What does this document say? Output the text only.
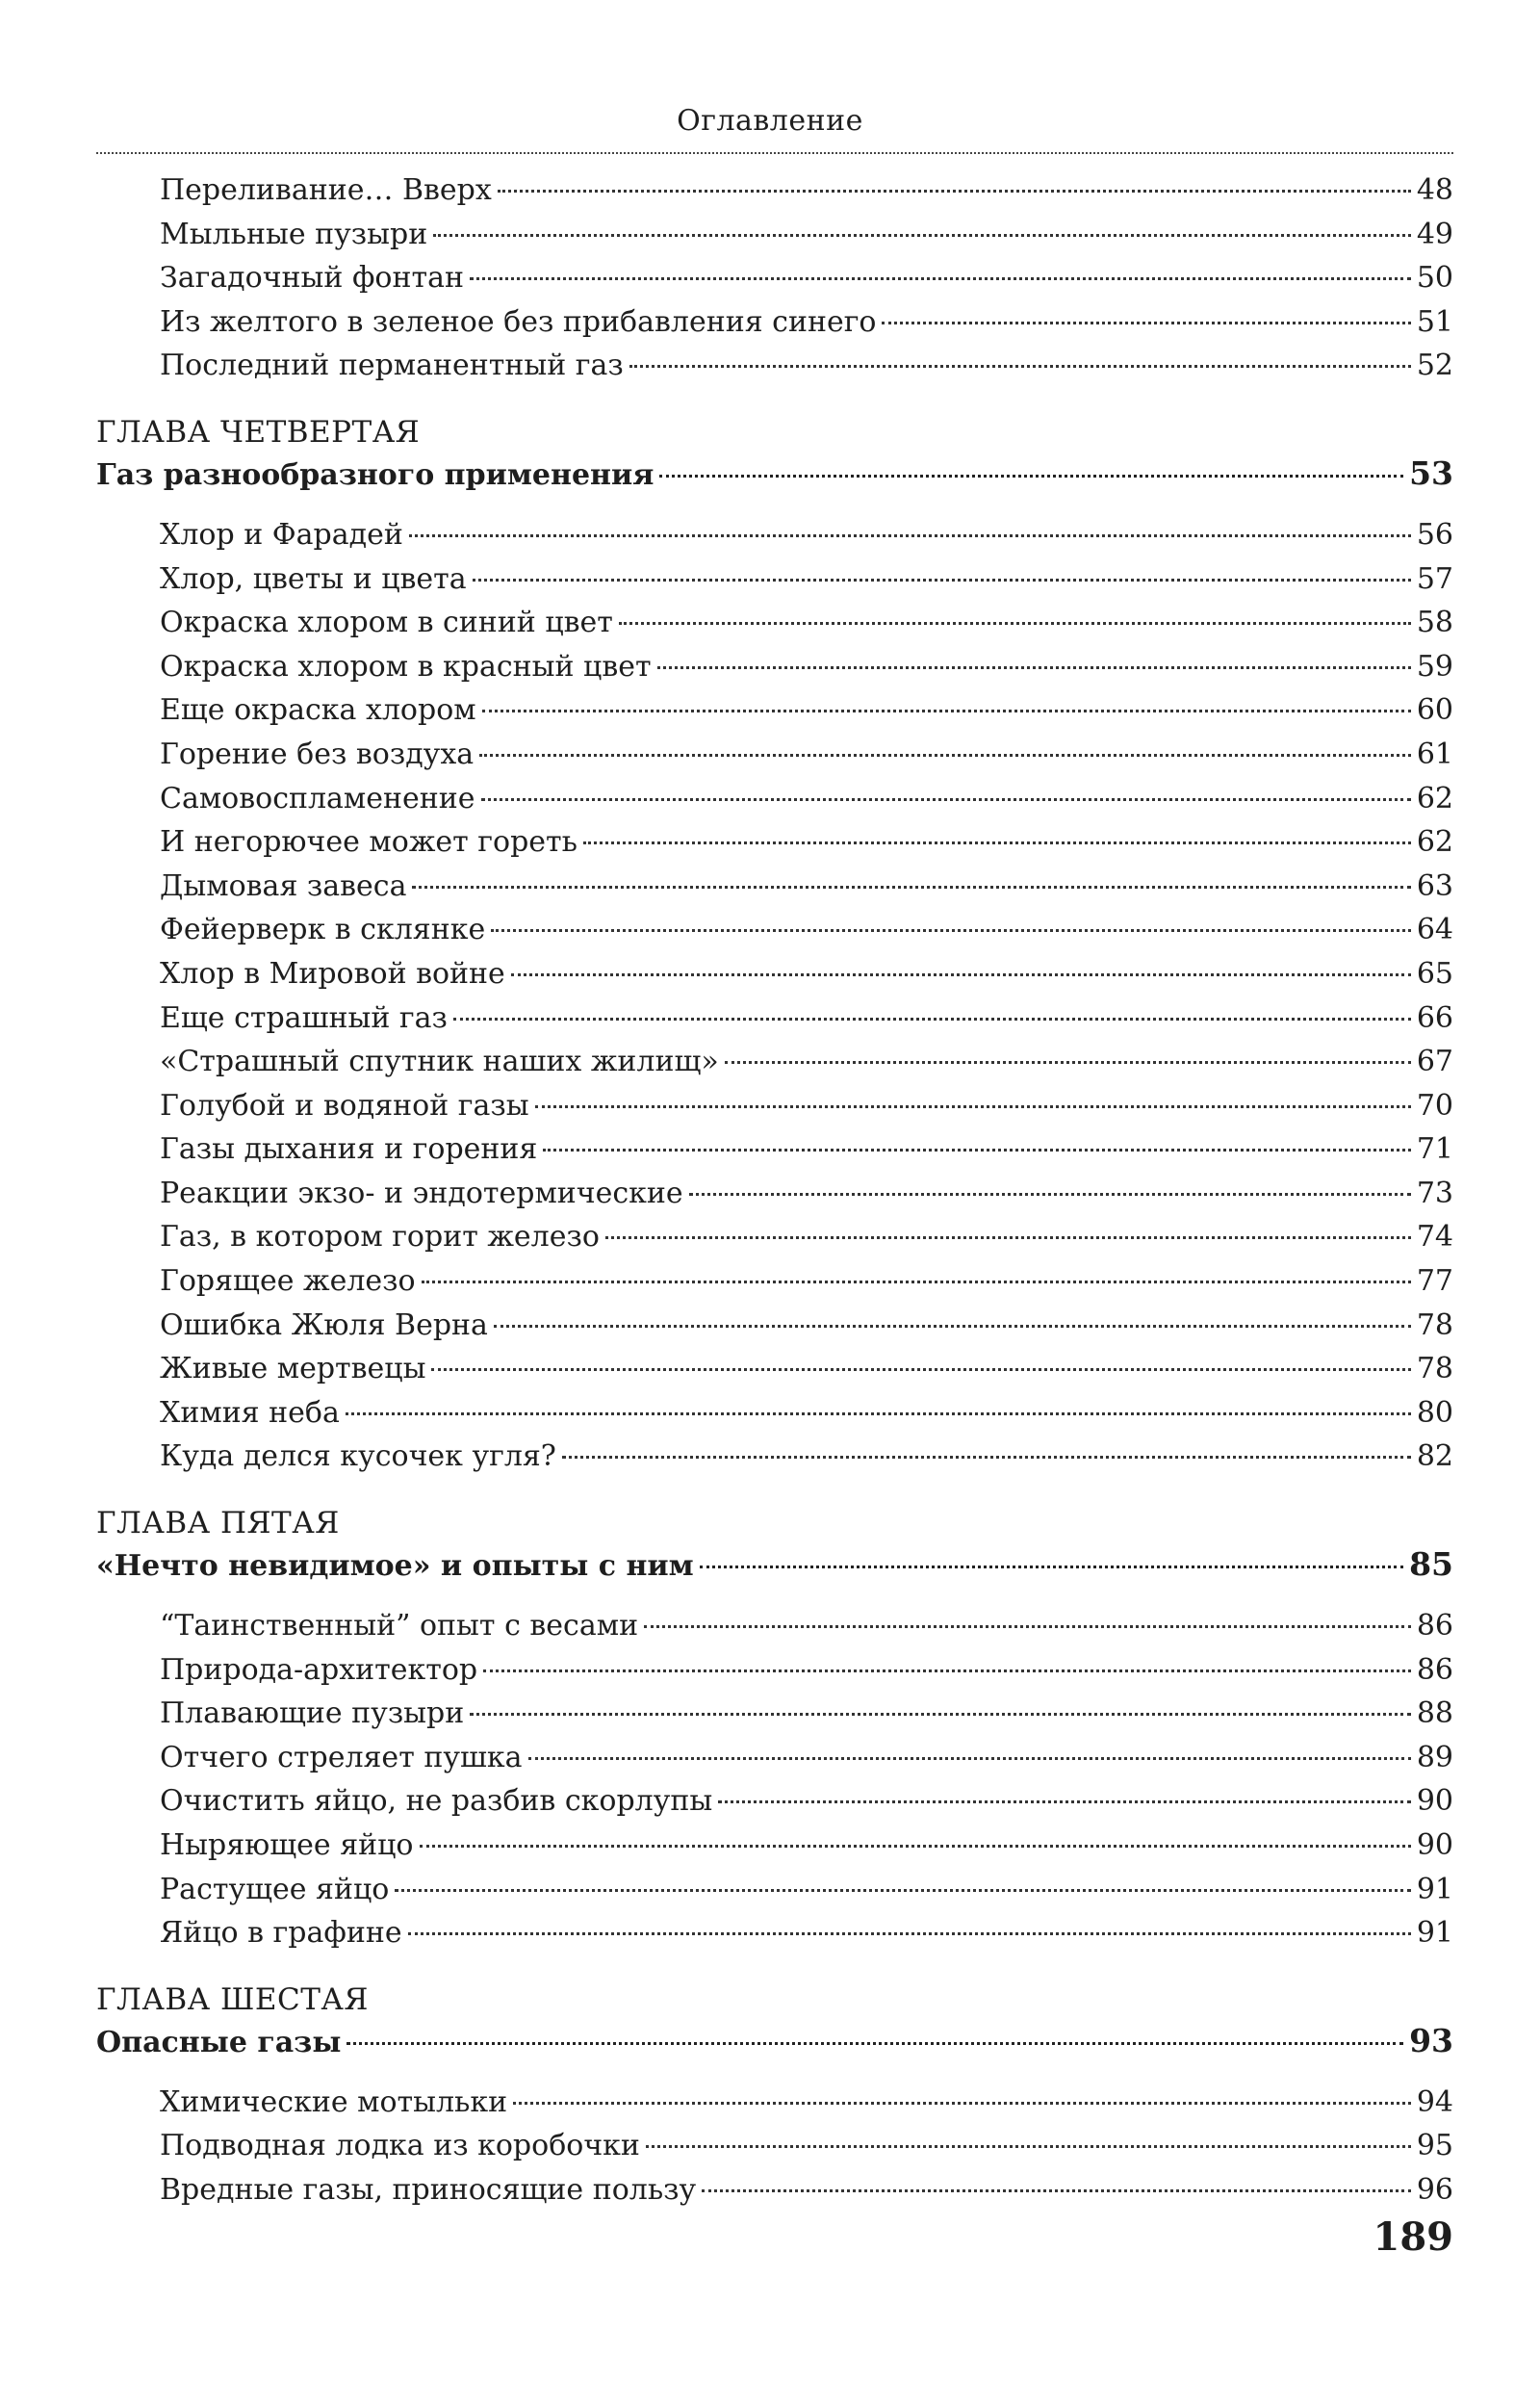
Оглавление
Переливание… Вверх	48
Мыльные пузыри	49
Загадочный фонтан	50
Из желтого в зеленое без прибавления синего	51
Последний перманентный газ	52
ГЛАВА ЧЕТВЕРТАЯ
Газ разнообразного применения	53
Хлор и Фарадей	56
Хлор, цветы и цвета	57
Окраска хлором в синий цвет	58
Окраска хлором в красный цвет	59
Еще окраска хлором	60
Горение без воздуха	61
Самовоспламенение	62
И негорючее может гореть	62
Дымовая завеса	63
Фейерверк в склянке	64
Хлор в Мировой войне	65
Еще страшный газ	66
«Страшный спутник наших жилищ»	67
Голубой и водяной газы	70
Газы дыхания и горения	71
Реакции экзо- и эндотермические	73
Газ, в котором горит железо	74
Горящее железо	77
Ошибка Жюля Верна	78
Живые мертвецы	78
Химия неба	80
Куда делся кусочек угля?	82
ГЛАВА ПЯТАЯ
«Нечто невидимое» и опыты с ним	85
“Таинственный” опыт с весами	86
Природа-архитектор	86
Плавающие пузыри	88
Отчего стреляет пушка	89
Очистить яйцо, не разбив скорлупы	90
Ныряющее яйцо	90
Растущее яйцо	91
Яйцо в графине	91
ГЛАВА ШЕСТАЯ
Опасные газы	93
Химические мотыльки	94
Подводная лодка из коробочки	95
Вредные газы, приносящие пользу	96
189
